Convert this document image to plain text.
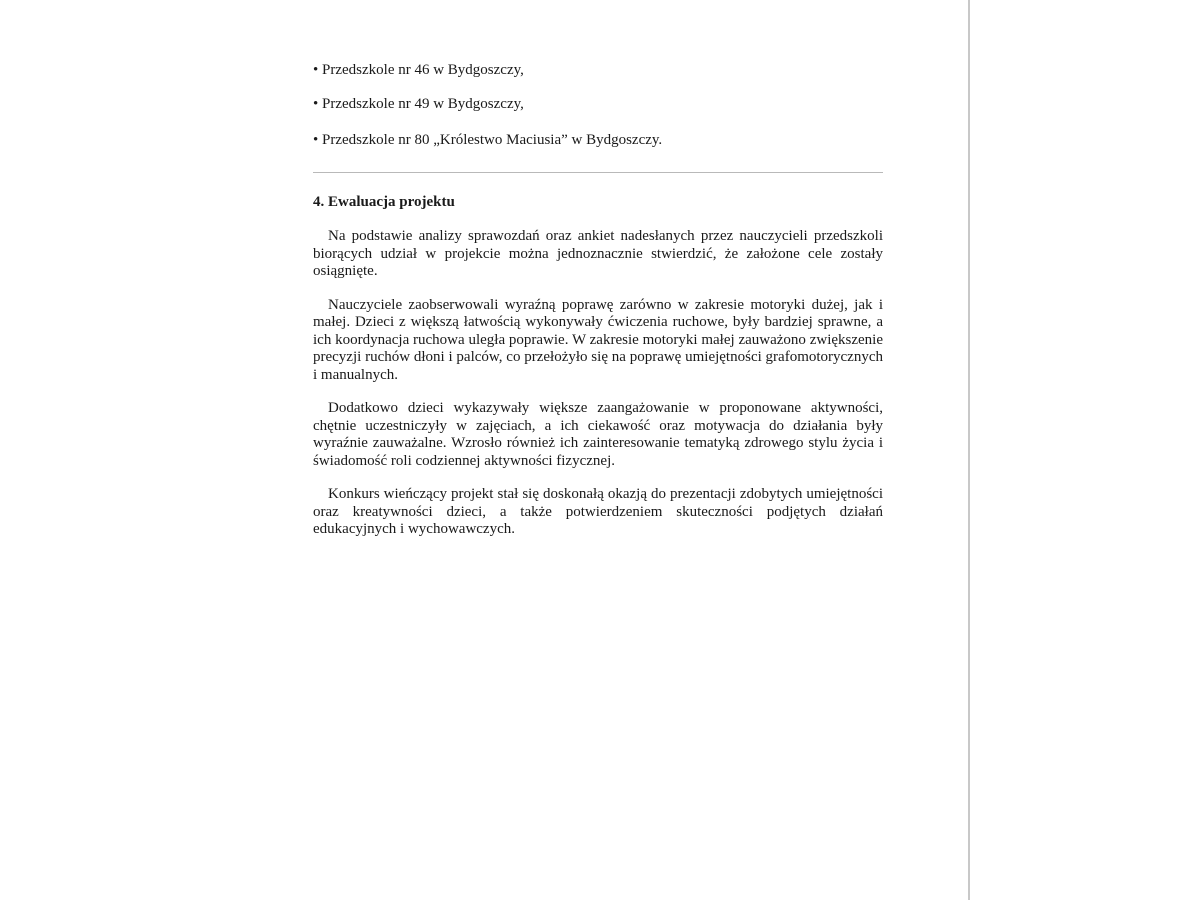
• Przedszkole nr 46 w Bydgoszczy,

• Przedszkole nr 49 w Bydgoszczy,

• Przedszkole nr 80 „Królestwo Maciusia” w Bydgoszczy.

4. Ewaluacja projektu

Na podstawie analizy sprawozdań oraz ankiet nadesłanych przez nauczycieli przedszkoli biorących udział w projekcie można jednoznacznie stwierdzić, że założone cele zostały osiągnięte.

Nauczyciele zaobserwowali wyraźną poprawę zarówno w zakresie motoryki dużej, jak i małej. Dzieci z większą łatwością wykonywały ćwiczenia ruchowe, były bardziej sprawne, a ich koordynacja ruchowa uległa poprawie. W zakresie motoryki małej zauważono zwiększenie precyzji ruchów dłoni i palców, co przełożyło się na poprawę umiejętności grafomotorycznych i manualnych.

Dodatkowo dzieci wykazywały większe zaangażowanie w proponowane aktywności, chętnie uczestniczyły w zajęciach, a ich ciekawość oraz motywacja do działania były wyraźnie zauważalne. Wzrosło również ich zainteresowanie tematyką zdrowego stylu życia i świadomość roli codziennej aktywności fizycznej.

Konkurs wieńczący projekt stał się doskonałą okazją do prezentacji zdobytych umiejętności oraz kreatywności dzieci, a także potwierdzeniem skuteczności podjętych działań edukacyjnych i wychowawczych.
